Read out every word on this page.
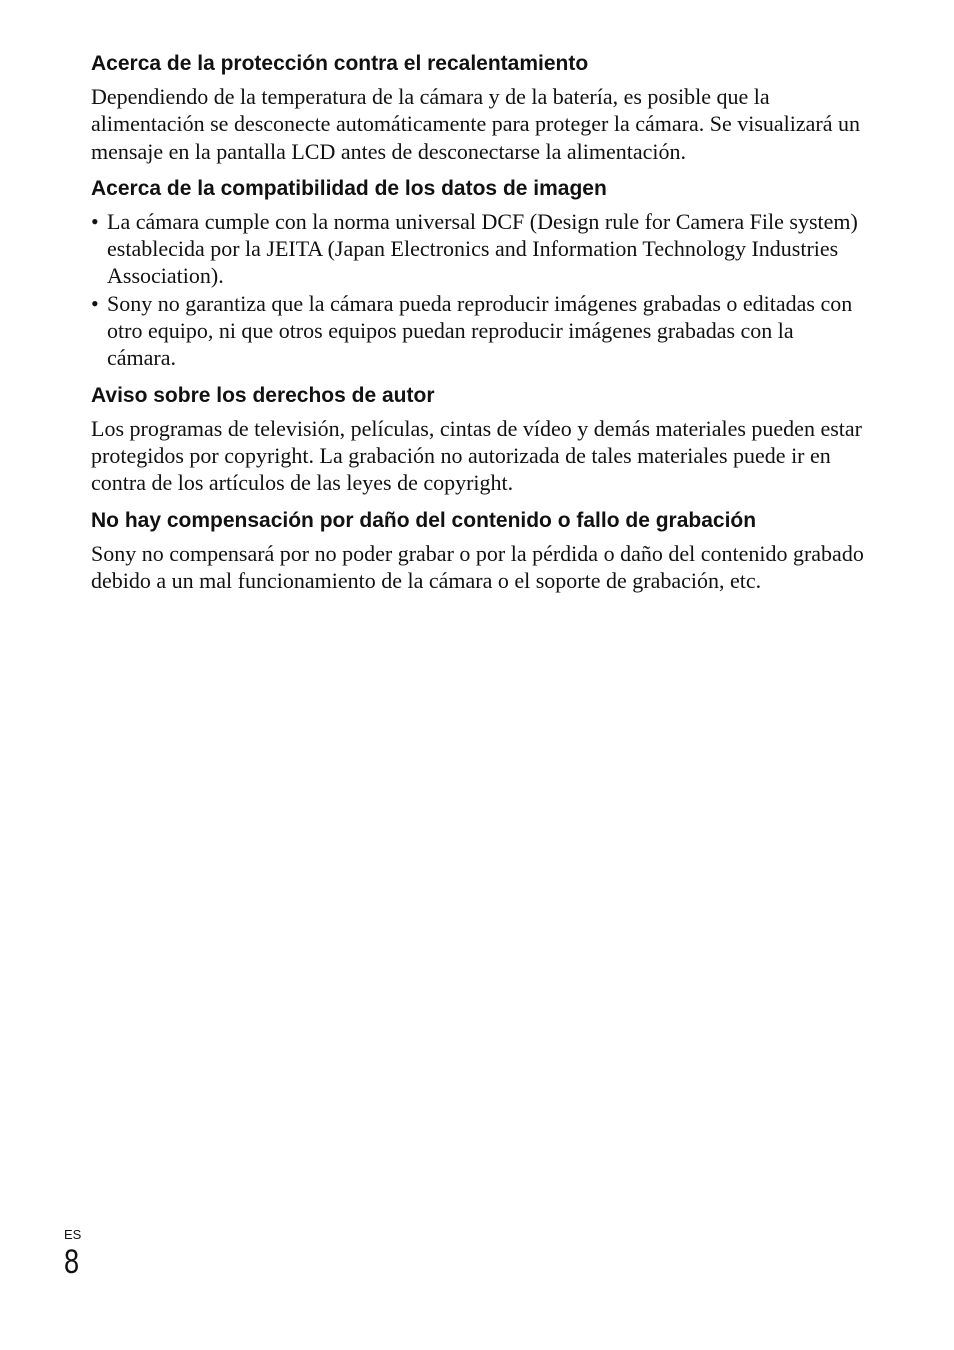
Acerca de la protección contra el recalentamiento

Dependiendo de la temperatura de la cámara y de la batería, es posible que la alimentación se desconecte automáticamente para proteger la cámara. Se visualizará un mensaje en la pantalla LCD antes de desconectarse la alimentación.

Acerca de la compatibilidad de los datos de imagen
• La cámara cumple con la norma universal DCF (Design rule for Camera File system) establecida por la JEITA (Japan Electronics and Information Technology Industries Association).
• Sony no garantiza que la cámara pueda reproducir imágenes grabadas o editadas con otro equipo, ni que otros equipos puedan reproducir imágenes grabadas con la cámara.
Aviso sobre los derechos de autor

Los programas de televisión, películas, cintas de vídeo y demás materiales pueden estar protegidos por copyright. La grabación no autorizada de tales materiales puede ir en contra de los artículos de las leyes de copyright.

No hay compensación por daño del contenido o fallo de grabación

Sony no compensará por no poder grabar o por la pérdida o daño del contenido grabado debido a un mal funcionamiento de la cámara o el soporte de grabación, etc.

ES
8
